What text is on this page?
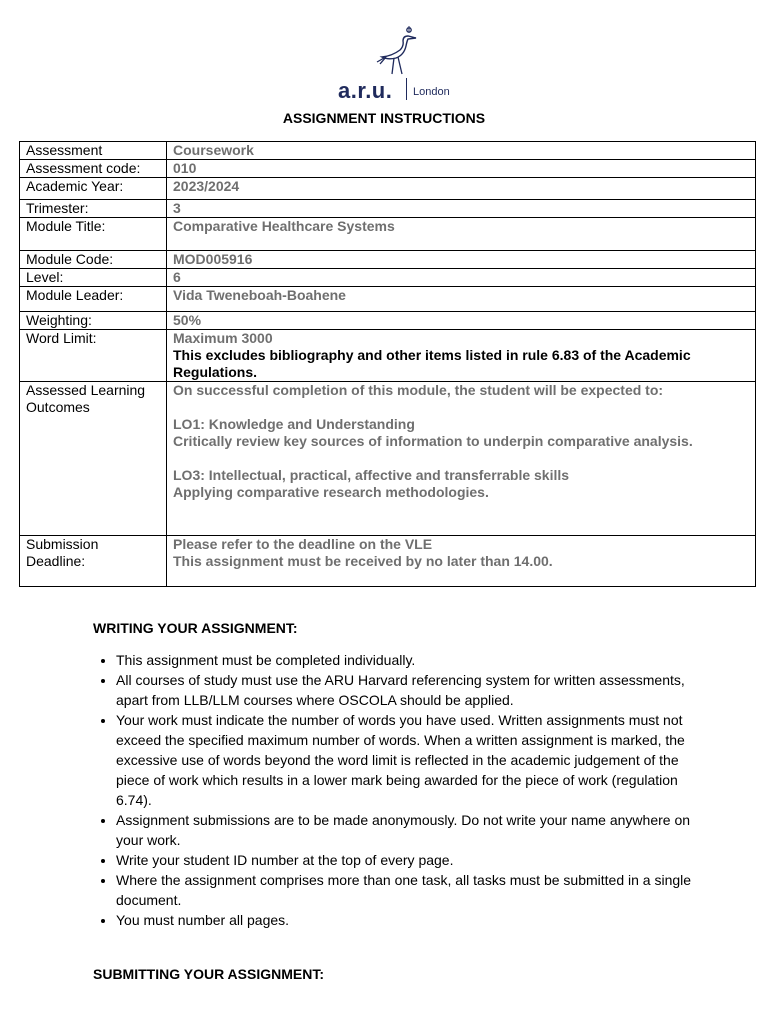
a.r.u. London
ASSIGNMENT INSTRUCTIONS
Assessment	Coursework
Assessment code:	010
Academic Year:	2023/2024
Trimester:	3
Module Title:	Comparative Healthcare Systems
Module Code:	MOD005916
Level:	6
Module Leader:	Vida Tweneboah-Boahene
Weighting:	50%
Word Limit:	Maximum 3000
This excludes bibliography and other items listed in rule 6.83 of the Academic Regulations.

Assessed Learning Outcomes	On successful completion of this module, the student will be expected to:
LO1: Knowledge and Understanding
Critically review key sources of information to underpin comparative analysis.
LO3: Intellectual, practical, affective and transferrable skills
Applying comparative research methodologies.

Submission Deadline:	Please refer to the deadline on the VLE
This assignment must be received by no later than 14.00.
WRITING YOUR ASSIGNMENT:
• This assignment must be completed individually.
• All courses of study must use the ARU Harvard referencing system for written assessments, apart from LLB/LLM courses where OSCOLA should be applied.
• Your work must indicate the number of words you have used. Written assignments must not exceed the specified maximum number of words. When a written assignment is marked, the excessive use of words beyond the word limit is reflected in the academic judgement of the piece of work which results in a lower mark being awarded for the piece of work (regulation 6.74).
• Assignment submissions are to be made anonymously. Do not write your name anywhere on your work.
• Write your student ID number at the top of every page.
• Where the assignment comprises more than one task, all tasks must be submitted in a single document.
• You must number all pages.
SUBMITTING YOUR ASSIGNMENT:
